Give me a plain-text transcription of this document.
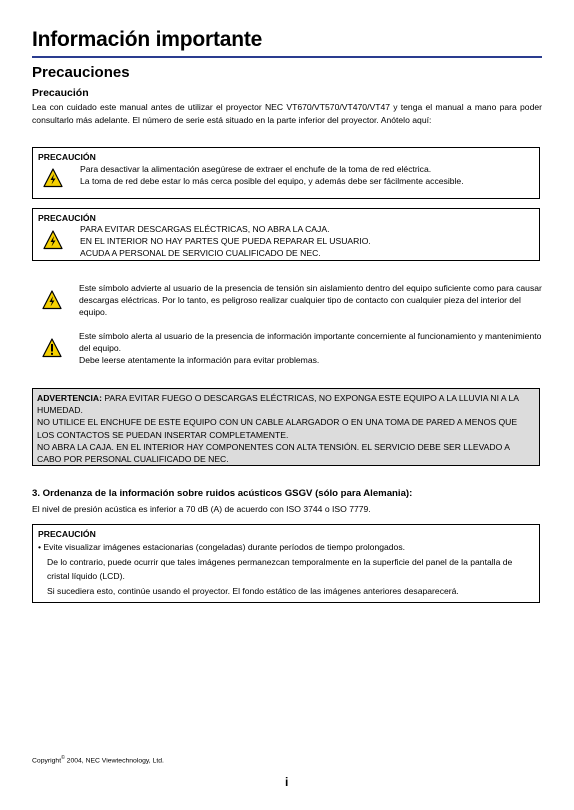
Información importante
Precauciones
Precaución

Lea con cuidado este manual antes de utilizar el proyector NEC VT670/VT570/VT470/VT47 y tenga el manual a mano para poder consultarlo más adelante. El número de serie está situado en la parte inferior del proyector. Anótelo aquí:

PRECAUCIÓN
Para desactivar la alimentación asegúrese de extraer el enchufe de la toma de red eléctrica.
La toma de red debe estar lo más cerca posible del equipo, y además debe ser fácilmente accesible.
PRECAUCIÓN
PARA EVITAR DESCARGAS ELÉCTRICAS, NO ABRA LA CAJA.
EN EL INTERIOR NO HAY PARTES QUE PUEDA REPARAR EL USUARIO.
ACUDA A PERSONAL DE SERVICIO CUALIFICADO DE NEC.
Este símbolo advierte al usuario de la presencia de tensión sin aislamiento dentro del equipo suficiente como para causar descargas eléctricas. Por lo tanto, es peligroso realizar cualquier tipo de contacto con cualquier pieza del interior del equipo.
Este símbolo alerta al usuario de la presencia de información importante concerniente al funcionamiento y mantenimiento del equipo.
Debe leerse atentamente la información para evitar problemas.
ADVERTENCIA: PARA EVITAR FUEGO O DESCARGAS ELÉCTRICAS, NO EXPONGA ESTE EQUIPO A LA LLUVIA NI A LA HUMEDAD.
NO UTILICE EL ENCHUFE DE ESTE EQUIPO CON UN CABLE ALARGADOR O EN UNA TOMA DE PARED A MENOS QUE LOS CONTACTOS SE PUEDAN INSERTAR COMPLETAMENTE.
NO ABRA LA CAJA. EN EL INTERIOR HAY COMPONENTES CON ALTA TENSIÓN. EL SERVICIO DEBE SER LLEVADO A CABO POR PERSONAL CUALIFICADO DE NEC.
3. Ordenanza de la información sobre ruidos acústicos GSGV (sólo para Alemania):

El nivel de presión acústica es inferior a 70 dB (A) de acuerdo con ISO 3744 o ISO 7779.

PRECAUCIÓN
• Evite visualizar imágenes estacionarias (congeladas) durante períodos de tiempo prolongados.
De lo contrario, puede ocurrir que tales imágenes permanezcan temporalmente en la superficie del panel de la pantalla de cristal líquido (LCD).
Si sucediera esto, continúe usando el proyector. El fondo estático de las imágenes anteriores desaparecerá.
Copyright© 2004, NEC Viewtechnology, Ltd.
i
